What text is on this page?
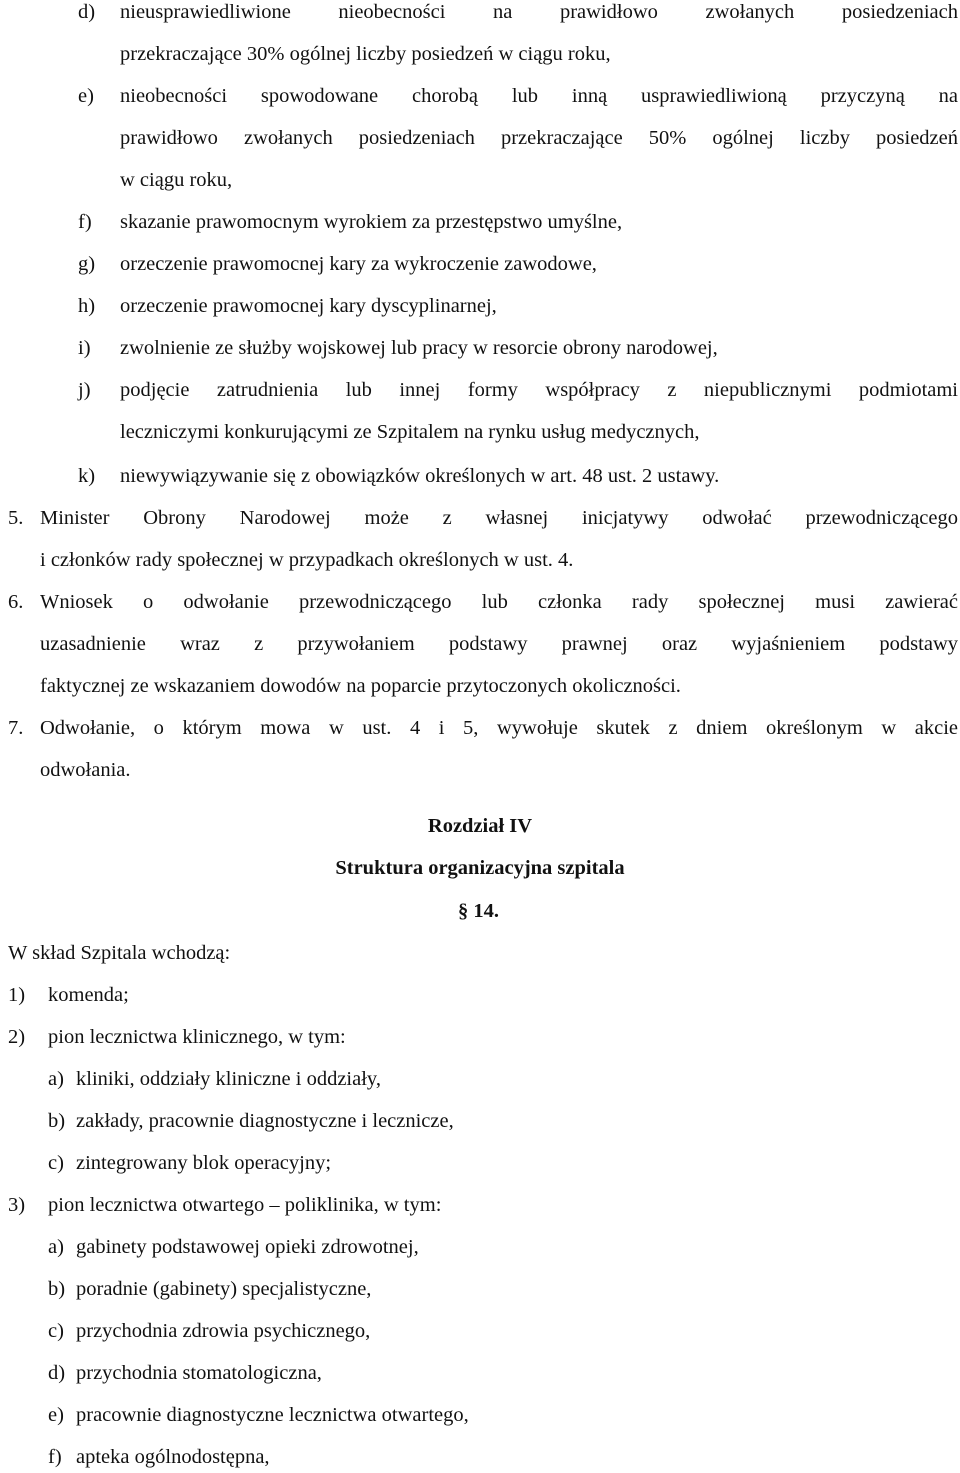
d) nieusprawiedliwione nieobecności na prawidłowo zwołanych posiedzeniach
przekraczające 30% ogólnej liczby posiedzeń w ciągu roku,
e) nieobecności spowodowane chorobą lub inną usprawiedliwioną przyczyną na
prawidłowo zwołanych posiedzeniach przekraczające 50% ogólnej liczby posiedzeń
w ciągu roku,
f) skazanie prawomocnym wyrokiem za przestępstwo umyślne,
g) orzeczenie prawomocnej kary za wykroczenie zawodowe,
h) orzeczenie prawomocnej kary dyscyplinarnej,
i) zwolnienie ze służby wojskowej lub pracy w resorcie obrony narodowej,
j) podjęcie zatrudnienia lub innej formy współpracy z niepublicznymi podmiotami
leczniczymi konkurującymi ze Szpitalem na rynku usług medycznych,
k) niewywiązywanie się z obowiązków określonych w art. 48 ust. 2 ustawy.
5. Minister Obrony Narodowej może z własnej inicjatywy odwołać przewodniczącego
i członków rady społecznej w przypadkach określonych w ust. 4.
6. Wniosek o odwołanie przewodniczącego lub członka rady społecznej musi zawierać
uzasadnienie wraz z przywołaniem podstawy prawnej oraz wyjaśnieniem podstawy
faktycznej ze wskazaniem dowodów na poparcie przytoczonych okoliczności.
7. Odwołanie, o którym mowa w ust. 4 i 5, wywołuje skutek z dniem określonym w akcie
odwołania.
Rozdział IV
Struktura organizacyjna szpitala
§ 14.
W skład Szpitala wchodzą:
1) komenda;
2) pion lecznictwa klinicznego, w tym:
a) kliniki, oddziały kliniczne i oddziały,
b) zakłady, pracownie diagnostyczne i lecznicze,
c) zintegrowany blok operacyjny;
3) pion lecznictwa otwartego – poliklinika, w tym:
a) gabinety podstawowej opieki zdrowotnej,
b) poradnie (gabinety) specjalistyczne,
c) przychodnia zdrowia psychicznego,
d) przychodnia stomatologiczna,
e) pracownie diagnostyczne lecznictwa otwartego,
f) apteka ogólnodostępna,
